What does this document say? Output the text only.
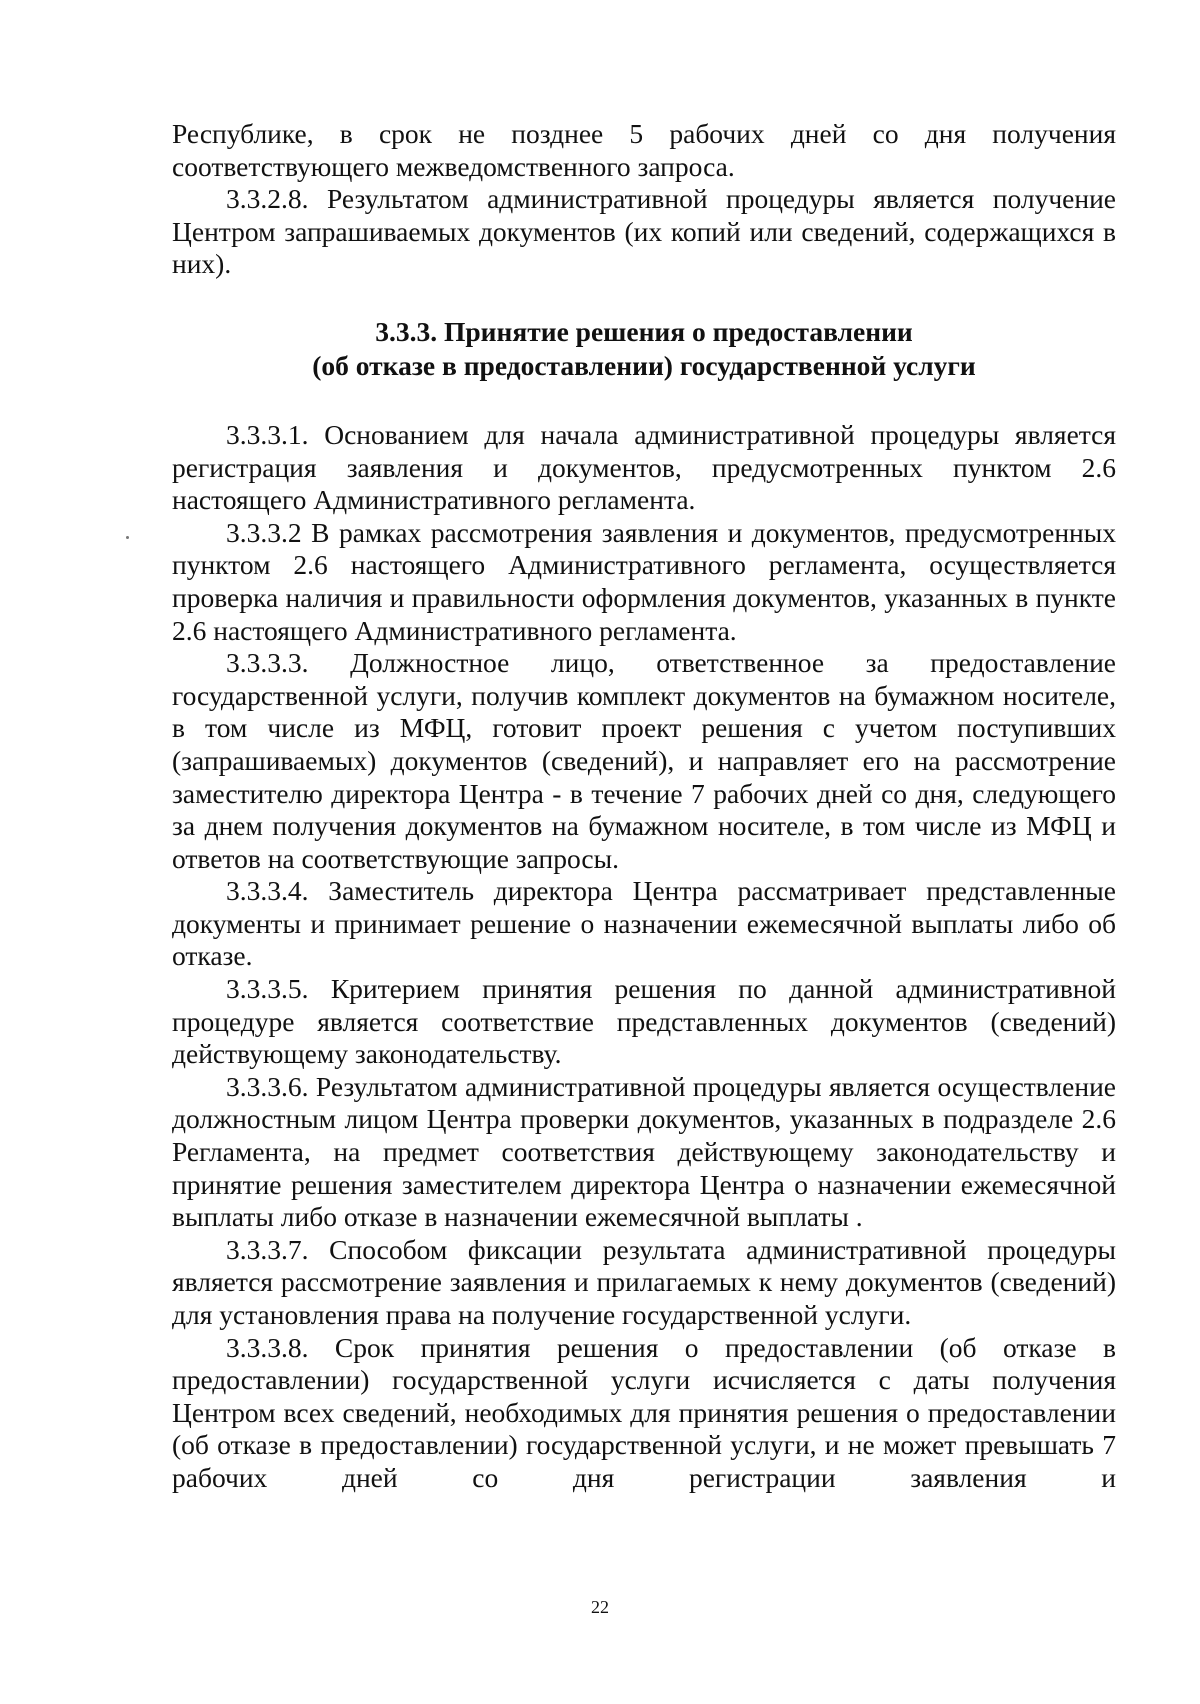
Республике, в срок не позднее 5 рабочих дней со дня получения соответствующего межведомственного запроса.

3.3.2.8. Результатом административной процедуры является получение Центром запрашиваемых документов (их копий или сведений, содержащихся в них).

3.3.3. Принятие решения о предоставлении
(об отказе в предоставлении) государственной услуги

3.3.3.1. Основанием для начала административной процедуры является регистрация заявления и документов, предусмотренных пунктом 2.6 настоящего Административного регламента.

3.3.3.2 В рамках рассмотрения заявления и документов, предусмотренных пунктом 2.6 настоящего Административного регламента, осуществляется проверка наличия и правильности оформления документов, указанных в пункте 2.6 настоящего Административного регламента.

3.3.3.3. Должностное лицо, ответственное за предоставление государственной услуги, получив комплект документов на бумажном носителе, в том числе из МФЦ, готовит проект решения с учетом поступивших (запрашиваемых) документов (сведений), и направляет его на рассмотрение заместителю директора Центра - в течение 7 рабочих дней со дня, следующего за днем получения документов на бумажном носителе, в том числе из МФЦ и ответов на соответствующие запросы.

3.3.3.4. Заместитель директора Центра рассматривает представленные документы и принимает решение о назначении ежемесячной выплаты либо об отказе.

3.3.3.5. Критерием принятия решения по данной административной процедуре является соответствие представленных документов (сведений) действующему законодательству.

3.3.3.6. Результатом административной процедуры является осуществление должностным лицом Центра проверки документов, указанных в подразделе 2.6 Регламента, на предмет соответствия действующему законодательству и принятие решения заместителем директора Центра о назначении ежемесячной выплаты либо отказе в назначении ежемесячной выплаты .

3.3.3.7. Способом фиксации результата административной процедуры является рассмотрение заявления и прилагаемых к нему документов (сведений) для установления права на получение государственной услуги.

3.3.3.8. Срок принятия решения о предоставлении (об отказе в предоставлении) государственной услуги исчисляется с даты получения Центром всех сведений, необходимых для принятия решения о предоставлении (об отказе в предоставлении) государственной услуги, и не может превышать 7 рабочих дней со дня регистрации заявления и

22
